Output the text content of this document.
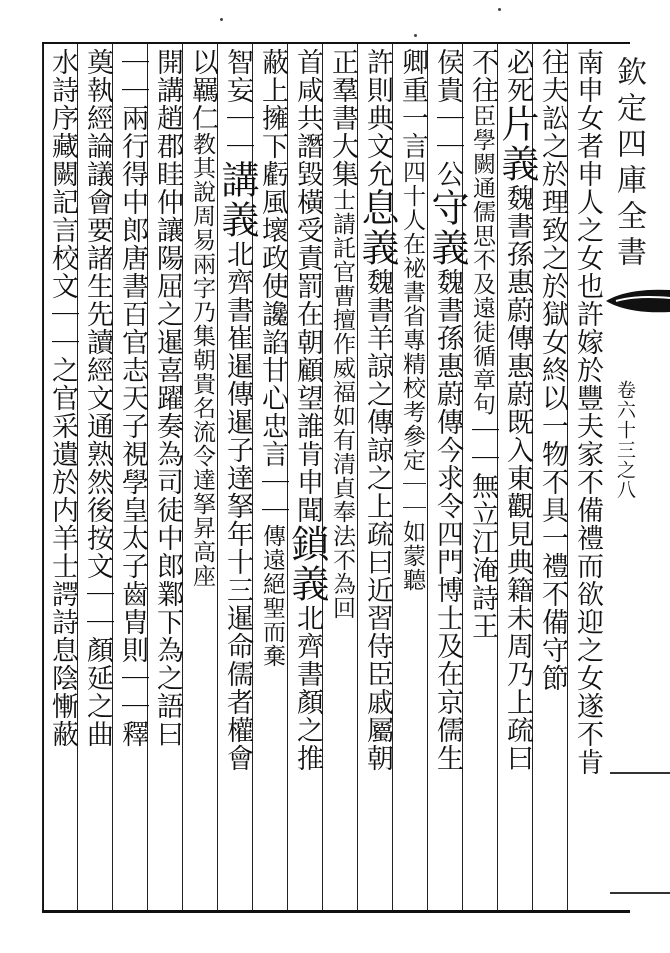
欽定四庫全書
卷六十三之八
南申女者申人之女也許嫁於豐夫家不備禮而欲迎之女遂不肯
往夫訟之於理致之於獄女終以一物不具一禮不備守節
必死片義魏書孫惠蔚傳惠蔚既入東觀見典籍未周乃上疏曰
不往臣學闕通儒思不及遠徒循章句｜｜無立江淹詩王
侯貴｜｜公守義魏書孫惠蔚傳今求令四門博士及在京儒生
卿重一言四十人在祕書省專精校考參定｜｜如蒙聽
許則典文允息義魏書羊諒之傳諒之上疏曰近習侍臣戚屬朝
正羣書大集士請託官曹擅作威福如有清貞奉法不為回
首咸共譖毀橫受責罰在朝顧望誰肯申聞鎖義北齊書顏之推
蔽上擁下虧風壞政使讒諂甘心忠言｜｜傳遠絕聖而棄
智妄｜｜講義北齊書崔暹傳暹子達拏年十三暹命儒者權會
以羈仁教其說周易兩字乃集朝貴名流令達拏昇高座
開講趙郡眭仲讓陽屈之暹喜躍奏為司徒中郎鄴下為之語曰
｜｜兩行得中郎唐書百官志天子視學皇太子齒胄則｜｜釋
奠執經論議會要諸生先讀經文通熟然後按文｜｜顏延之曲
水詩序藏闕記言校文｜｜之官采遺於内羊士諤詩息陰慚蔽
